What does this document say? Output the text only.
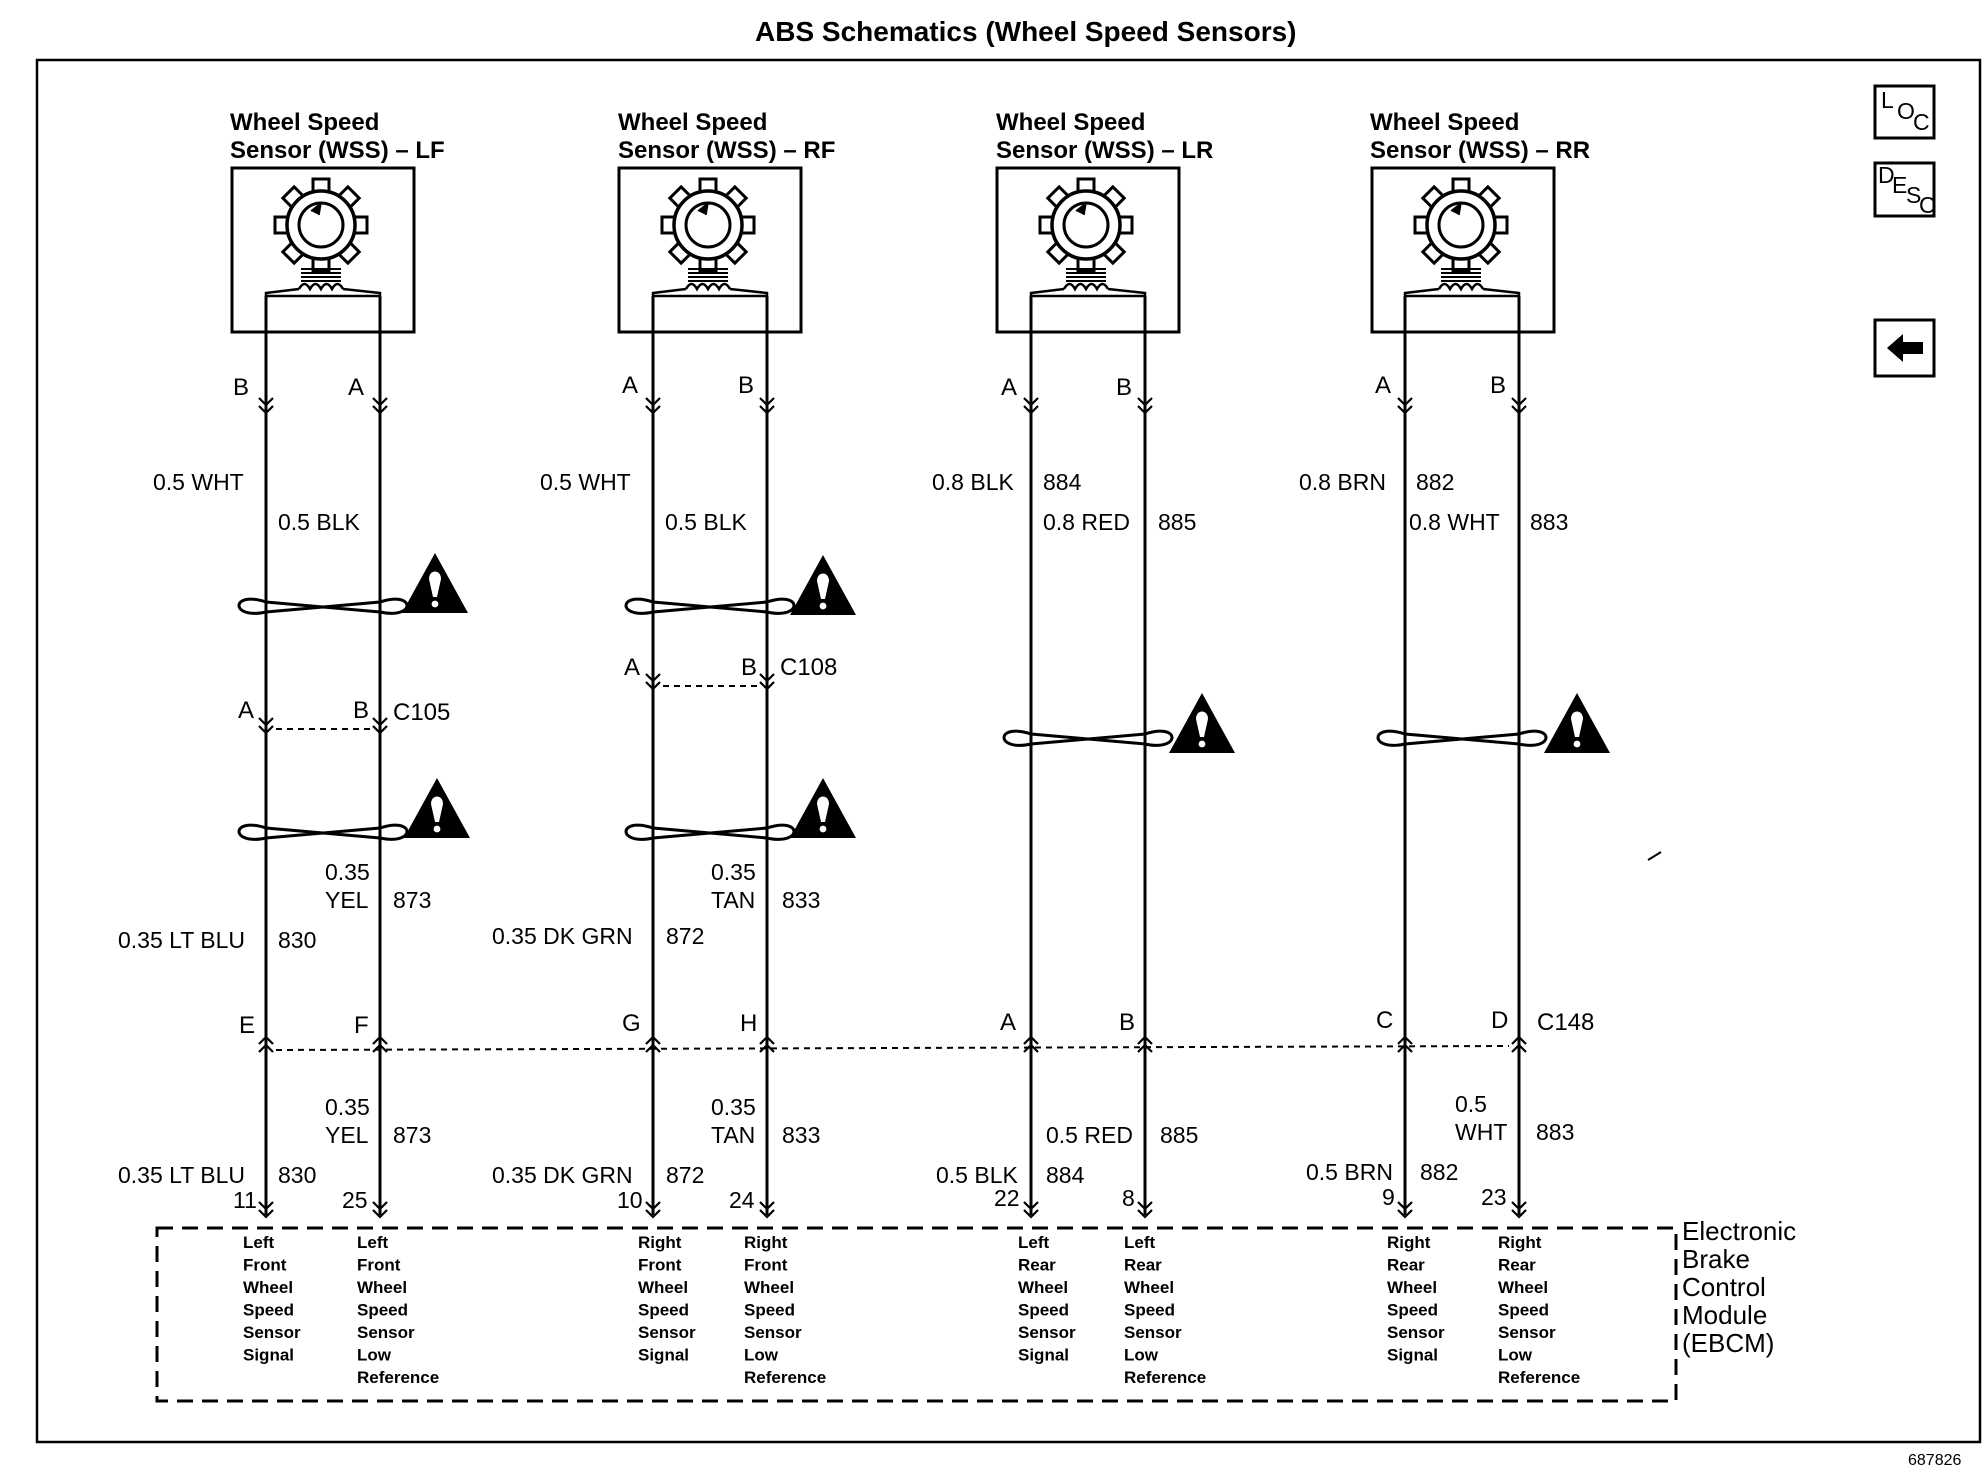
ABS Schematics (Wheel Speed Sensors)
687826
L O
C
D
E
S
C
Wheel Speed
Sensor (WSS) – LF
B	A
0.5 WHT
0.5 BLK
A	B C105
0.35
YEL 873
0.35 LT BLU 830
E	F
0.35
YEL 873
0.35 LT BLU 830
11	25
Wheel Speed
Sensor (WSS) – RF
A	B
0.5 WHT
0.5 BLK
A	B C108
0.35
TAN 833
0.35 DK GRN 872
G	H
0.35
TAN 833
0.35 DK GRN 872
10	24
Wheel Speed
Sensor (WSS) – LR
A	B
0.8 BLK 884
0.8 RED 885
A	B
0.5 RED 885
0.5 BLK 884
22	8
Wheel Speed
Sensor (WSS) – RR
A	B
0.8 BRN 882
0.8 WHT 883
C	D C148
0.5
WHT 883
0.5 BRN 882
9	23
Left
Front
Wheel
Speed
Sensor
Signal
Left
Front
Wheel
Speed
Sensor
Low
Reference
Right
Front
Wheel
Speed
Sensor
Signal
Right
Front
Wheel
Speed
Sensor
Low
Reference
Left
Rear
Wheel
Speed
Sensor
Signal
Left
Rear
Wheel
Speed
Sensor
Low
Reference
Right
Rear
Wheel
Speed
Sensor
Signal
Right
Rear
Wheel
Speed
Sensor
Low
Reference
Electronic
Brake
Control
Module
(EBCM)
